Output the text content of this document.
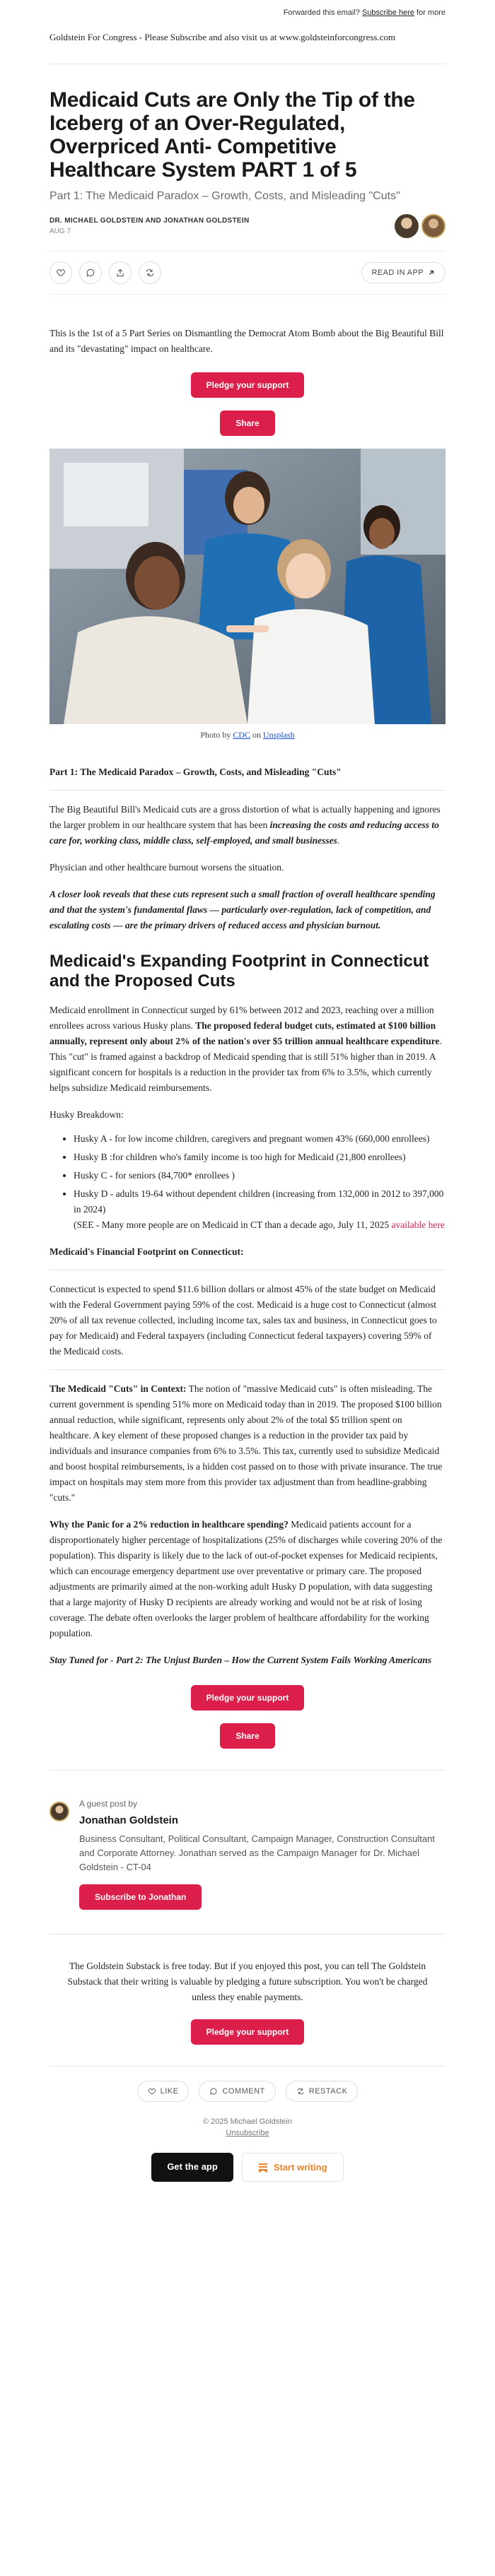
Forwarded this email? Subscribe here for more
Goldstein For Congress - Please Subscribe and also visit us at www.goldsteinforcongress.com
Medicaid Cuts are Only the Tip of the Iceberg of an Over-Regulated, Overpriced Anti- Competitive Healthcare System PART 1 of 5
Part 1: The Medicaid Paradox – Growth, Costs, and Misleading "Cuts"
DR. MICHAEL GOLDSTEIN AND JONATHAN GOLDSTEIN
AUG 7
READ IN APP

This is the 1st of a 5 Part Series on Dismantling the Democrat Atom Bomb about the Big Beautiful Bill and its "devastating" impact on healthcare.

Pledge your support
Share
Photo by CDC on Unsplash

Part 1: The Medicaid Paradox – Growth, Costs, and Misleading "Cuts"

The Big Beautiful Bill's Medicaid cuts are a gross distortion of what is actually happening and ignores the larger problem in our healthcare system that has been increasing the costs and reducing access to care for, working class, middle class, self-employed, and small businesses.

Physician and other healthcare burnout worsens the situation.

A closer look reveals that these cuts represent such a small fraction of overall healthcare spending and that the system's fundamental flaws — particularly over-regulation, lack of competition, and escalating costs — are the primary drivers of reduced access and physician burnout.

Medicaid's Expanding Footprint in Connecticut and the Proposed Cuts

Medicaid enrollment in Connecticut surged by 61% between 2012 and 2023, reaching over a million enrollees across various Husky plans. The proposed federal budget cuts, estimated at $100 billion annually, represent only about 2% of the nation's over $5 trillion annual healthcare expenditure. This "cut" is framed against a backdrop of Medicaid spending that is still 51% higher than in 2019. A significant concern for hospitals is a reduction in the provider tax from 6% to 3.5%, which currently helps subsidize Medicaid reimbursements.

Husky Breakdown:

• Husky A - for low income children, caregivers and pregnant women 43% (660,000 enrollees)
• Husky B :for children who's family income is too high for Medicaid (21,800 enrollees)
• Husky C - for seniors (84,700* enrollees )
• Husky D - adults 19-64 without dependent children (increasing from 132,000 in 2012 to 397,000 in 2024)
(SEE - Many more people are on Medicaid in CT than a decade ago, July 11, 2025 available here

Medicaid's Financial Footprint on Connecticut:

Connecticut is expected to spend $11.6 billion dollars or almost 45% of the state budget on Medicaid with the Federal Government paying 59% of the cost. Medicaid is a huge cost to Connecticut (almost 20% of all tax revenue collected, including income tax, sales tax and business, in Connecticut goes to pay for Medicaid) and Federal taxpayers (including Connecticut federal taxpayers) covering 59% of the Medicaid costs.

The Medicaid "Cuts" in Context: The notion of "massive Medicaid cuts" is often misleading. The current government is spending 51% more on Medicaid today than in 2019. The proposed $100 billion annual reduction, while significant, represents only about 2% of the total $5 trillion spent on healthcare. A key element of these proposed changes is a reduction in the provider tax paid by individuals and insurance companies from 6% to 3.5%. This tax, currently used to subsidize Medicaid and boost hospital reimbursements, is a hidden cost passed on to those with private insurance. The true impact on hospitals may stem more from this provider tax adjustment than from headline-grabbing "cuts."

Why the Panic for a 2% reduction in healthcare spending? Medicaid patients account for a disproportionately higher percentage of hospitalizations (25% of discharges while covering 20% of the population). This disparity is likely due to the lack of out-of-pocket expenses for Medicaid recipients, which can encourage emergency department use over preventative or primary care. The proposed adjustments are primarily aimed at the non-working adult Husky D population, with data suggesting that a large majority of Husky D recipients are already working and would not be at risk of losing coverage. The debate often overlooks the larger problem of healthcare affordability for the working population.

Stay Tuned for - Part 2: The Unjust Burden – How the Current System Fails Working Americans

Pledge your support
Share
A guest post by
Jonathan Goldstein
Business Consultant, Political Consultant, Campaign Manager, Construction Consultant and Corporate Attorney. Jonathan served as the Campaign Manager for Dr. Michael Goldstein - CT-04
Subscribe to Jonathan

The Goldstein Substack is free today. But if you enjoyed this post, you can tell The Goldstein Substack that their writing is valuable by pledging a future subscription. You won't be charged unless they enable payments.

Pledge your support
LIKE	COMMENT	RESTACK
© 2025 Michael Goldstein
Unsubscribe
Get the app	Start writing
